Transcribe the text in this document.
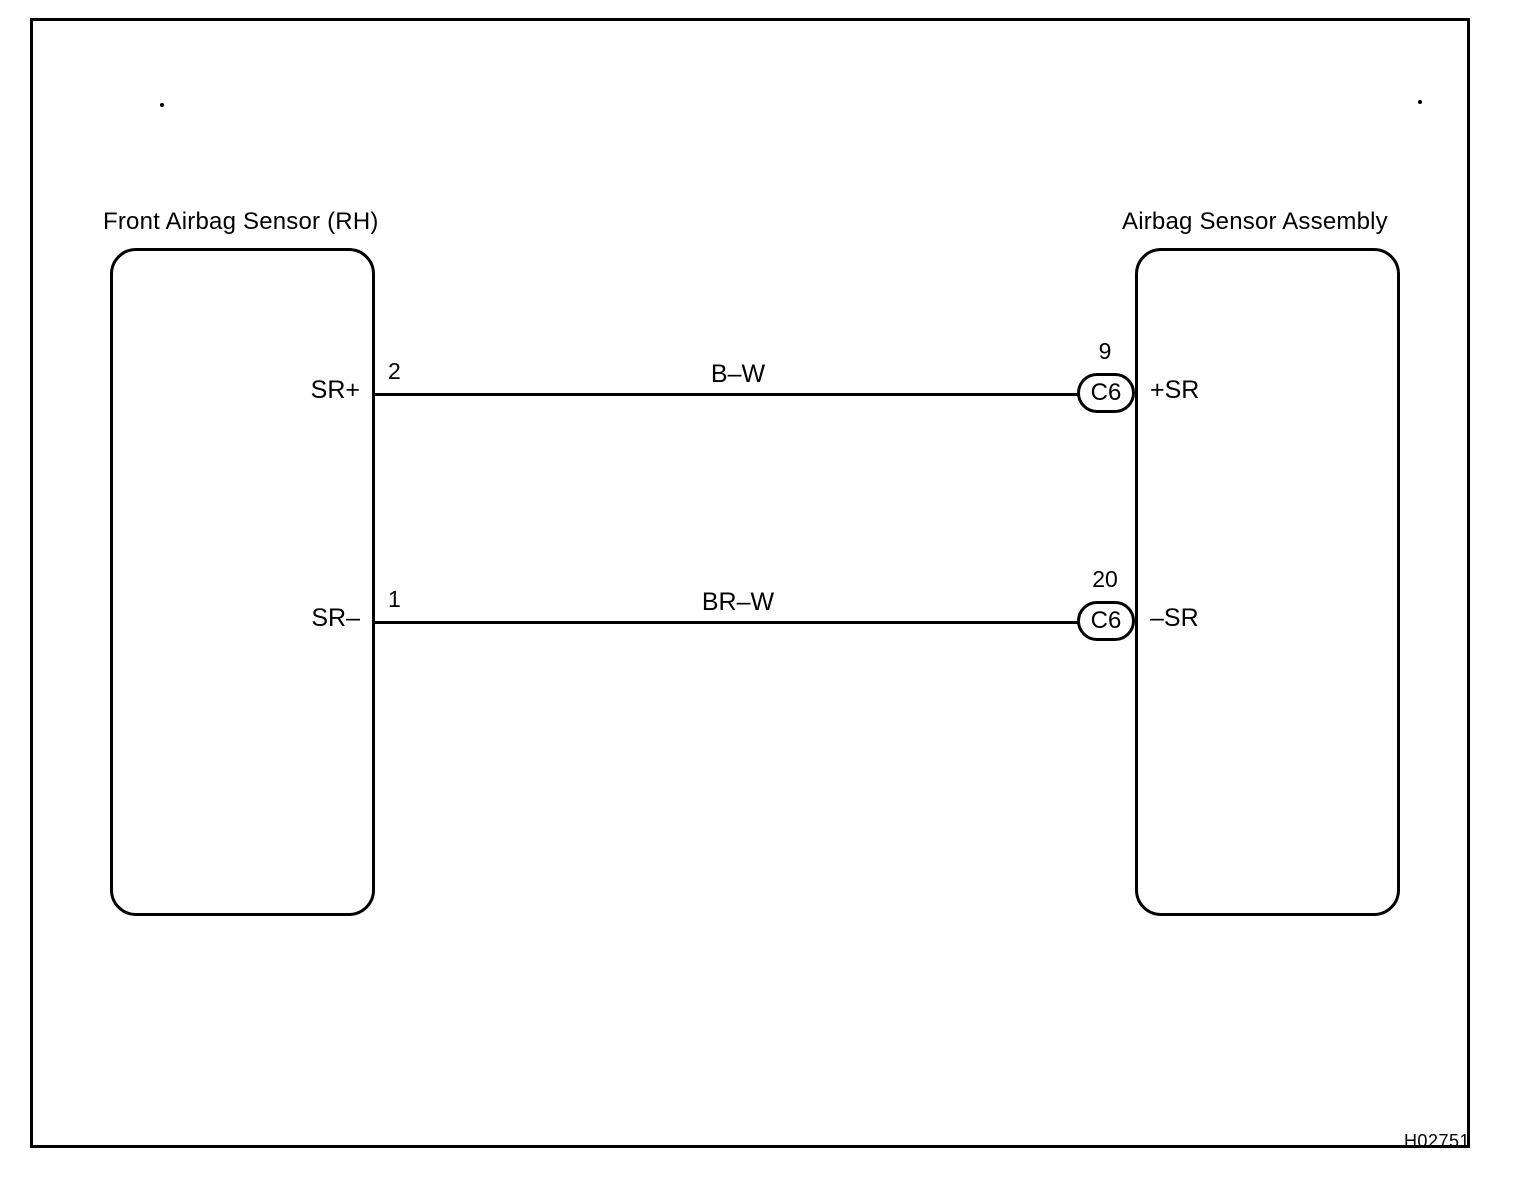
Front Airbag Sensor (RH)	Airbag Sensor Assembly
SR+
2	B–W
9
C6	+SR
SR–
1	BR–W
20
C6	–SR
H02751
